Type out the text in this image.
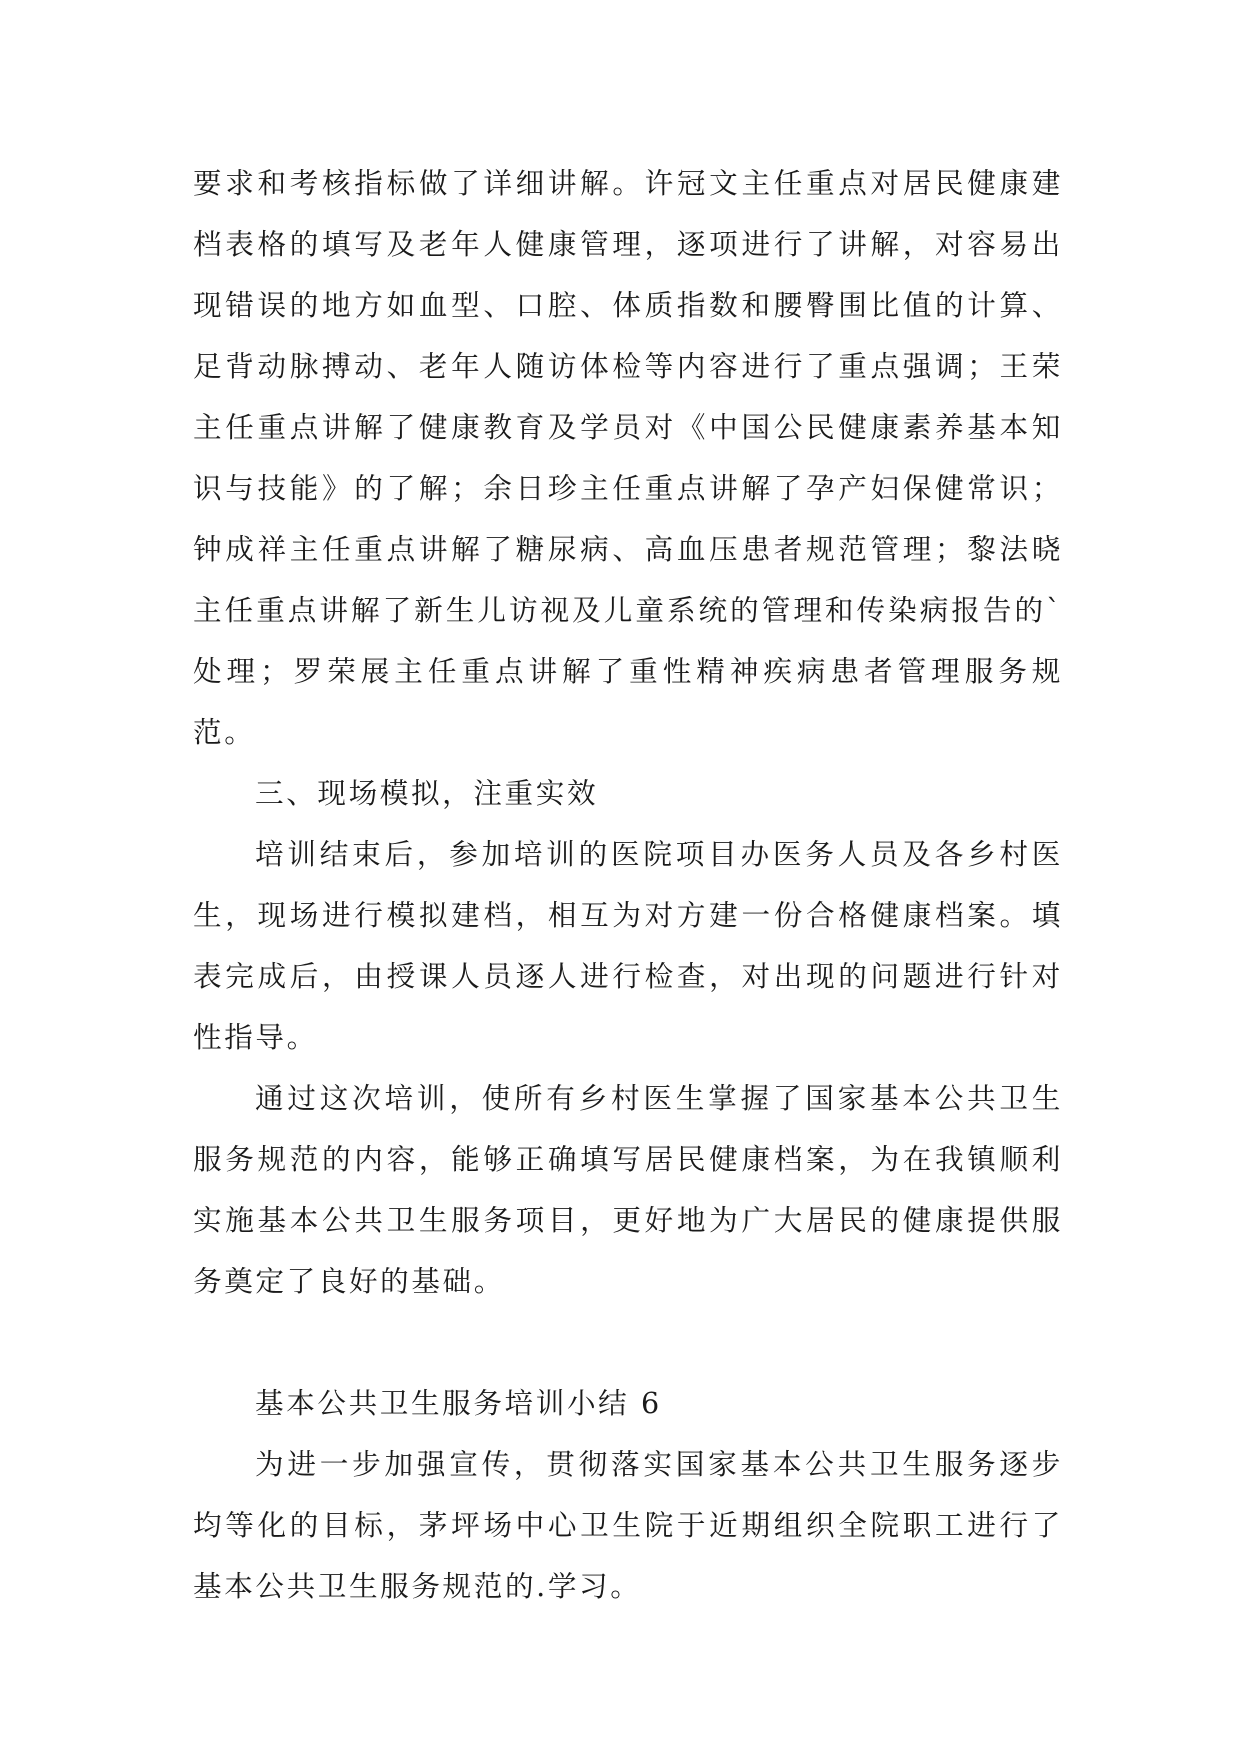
要求和考核指标做了详细讲解。许冠文主任重点对居民健康建档表格的填写及老年人健康管理，逐项进行了讲解，对容易出现错误的地方如血型、口腔、体质指数和腰臀围比值的计算、足背动脉搏动、老年人随访体检等内容进行了重点强调；王荣主任重点讲解了健康教育及学员对《中国公民健康素养基本知识与技能》的了解；余日珍主任重点讲解了孕产妇保健常识；钟成祥主任重点讲解了糖尿病、高血压患者规范管理；黎法晓主任重点讲解了新生儿访视及儿童系统的管理和传染病报告的`处理；罗荣展主任重点讲解了重性精神疾病患者管理服务规范。

三、现场模拟，注重实效

培训结束后，参加培训的医院项目办医务人员及各乡村医生，现场进行模拟建档，相互为对方建一份合格健康档案。填表完成后，由授课人员逐人进行检查，对出现的问题进行针对性指导。

通过这次培训，使所有乡村医生掌握了国家基本公共卫生服务规范的内容，能够正确填写居民健康档案，为在我镇顺利实施基本公共卫生服务项目，更好地为广大居民的健康提供服务奠定了良好的基础。

基本公共卫生服务培训小结 6

为进一步加强宣传，贯彻落实国家基本公共卫生服务逐步均等化的目标，茅坪场中心卫生院于近期组织全院职工进行了基本公共卫生服务规范的.学习。
